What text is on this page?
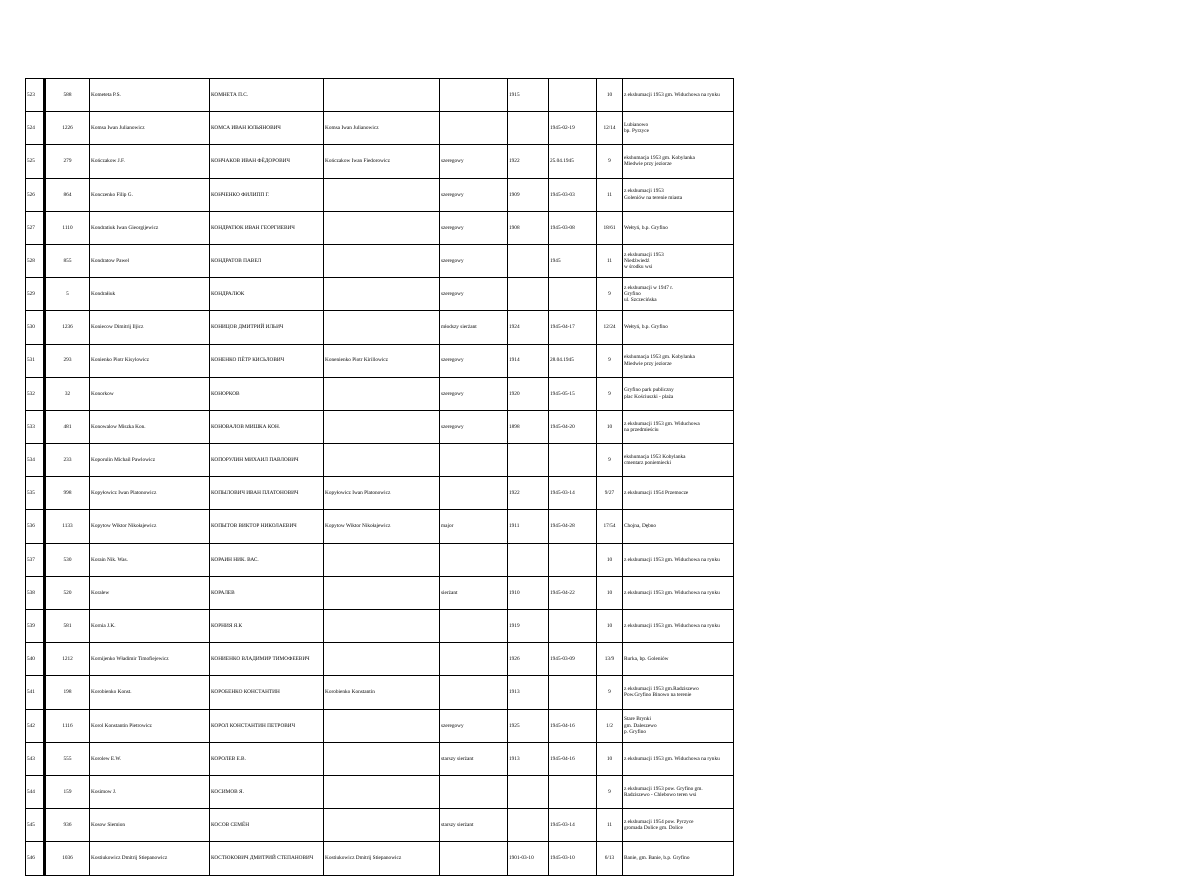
523	588	Kometeta P.S.	КОМНЕТА П.С.			1915		10	z ekshumacji 1953 gm. Widuchowa na rynku
524	1226	Komsa Iwan Julianowicz	КОМСА ИВАН ЮЛЬЯНОВИЧ	Komsa Iwan Julianowicz			1945-02-19	12/14	Lubianowo
bp. Pyrzyce
525	279	Kończakow J.F.	КОНЧАКОВ ИВАН ФЁДОРОВИЧ	Kończakow Iwan Fiedorowicz	szeregowy	1922	25.04.1945	9	ekshumacja 1953 gm. Kobylanka
Miedwie przy jeziorze
526	864	Konczenko Filip G.	КОНЧЕНКО ФИЛИПП Г.		szeregowy	1909	1945-03-03	11	z ekshumacji 1953
Goleniów na terenie miasta
527	1110	Kondratiuk Iwan Gieorgijewicz	КОНДРАТЮК ИВАН ГЕОРГИЕВИЧ		szeregowy	1908	1945-03-08	18/61	Wełtyń, b.p. Gryfino
528	855	Kondratow Pawel	КОНДРАТОВ ПАВЕЛ		szeregowy		1945	11	z ekshumacji 1953
Niedźwiedź
w środku wsi
529	5	Kondrałiuk	КОНДРАЛЮК		szeregowy			9	z ekshumacji w 1947 r.
Gryfino
ul. Szczecińska
530	1236	Koniecow Dimitrij Iljicz	КОНИЦОВ ДМИТРИЙ ИЛЬИЧ		młodszy sierżant	1924	1945-04-17	12/24	Wełtyń, b.p. Gryfino
531	293	Konienko Piotr Kisylowicz	КОНЕНКО ПЁТР КИСЬЛОВИЧ	Konenienko Piotr Kirillowicz	szeregowy	1914	28.04.1945	9	ekshumacja 1953 gm. Kobylanka
Miedwie przy jeziorze
532	32	Konorkow	КОНОРКОВ		szeregowy	1920	1945-05-15	9	Gryfino park publiczny
plac Kościuszki - plaża
533	481	Konowalow Miszka Kon.	КОНОВАЛОВ МИШКА КОН.		szeregowy	1898	1945-04-20	10	z ekshumacji 1953 gm. Widuchowa
na przedmieściu
534	233	Koporulin Michail Pawlowicz	КОПОРУЛИН МИХАИЛ ПАВЛОВИЧ					9	ekshumacja 1953 Kobylanka
cmentarz poniemiecki
535	998	Kopyłowicz Iwan Platonowicz	КОПЫЛОВИЧ ИВАН ПЛАТОНОВИЧ	Kopyłowicz Iwan Platonowicz		1922	1945-03-14	9/27	z ekshumacji 1954 Przemocze
536	1133	Kopytow Wiktor Nikołajewicz	КОПЫТОВ ВИКТОР НИКОЛАЕВИЧ	Kopytow Wiktor Nikołajewicz	major	1911	1945-04-28	17/54	Chojna, Dębno
537	530	Korain Nik. Was.	КОРАИН НИК. ВАС.					10	z ekshumacji 1953 gm. Widuchowa na rynku
538	520	Koralew	КОРАЛЕВ		sierżant	1910	1945-04-22	10	z ekshumacji 1953 gm. Widuchowa na rynku
539	581	Kornia J.K.	КОРНИЯ Я.К			1919		10	z ekshumacji 1953 gm. Widuchowa na rynku
540	1212	Kornijenko Władimir Timofiejewicz	КОНИЕНКО ВЛАДИМИР ТИМОФЕЕВИЧ			1926	1945-03-09	13/9	Rurka, bp. Goleniów
541	198	Korobienko Konst.	КОРОБЕНКО КОНСТАНТИН	Korobienko Konstantin		1913		9	z ekshumacji 1953 gm.Radziszewo
Pow.Gryfino Binowo na terenie
542	1116	Korol Konstantin Pietrowicz	КОРОЛ КОНСТАНТИН ПЕТРОВИЧ		szeregowy	1925	1945-04-16	1/2	Stare Brynki
gm. Daleszewo
p. Gryfino
543	555	Korolew E.W.	КОРОЛЕВ Е.В.		starszy sierżant	1913	1945-04-16	10	z ekshumacji 1953 gm. Widuchowa na rynku
544	159	Kosimow J.	КОСИМОВ Я.					9	z ekshumacji 1953 pow. Gryfino gm.
Radziszewo - Chlebowo teren wsi
545	936	Kosow Siemion	КОСОВ СЕМЁН		starszy sierżant		1945-03-14	11	z ekshumacji 1954 pow. Pyrzyce
gromada Dolice gm. Dolice
546	1036	Kostiukowicz Dmitrij Stiepanowicz	КОСТЮКОВИЧ ДМИТРИЙ СТЕПАНОВИЧ	Kostiukowicz Dmitrij Stiepanowicz		1901-03-10	1945-03-10	6/13	Banie, gm. Banie, b.p. Gryfino
